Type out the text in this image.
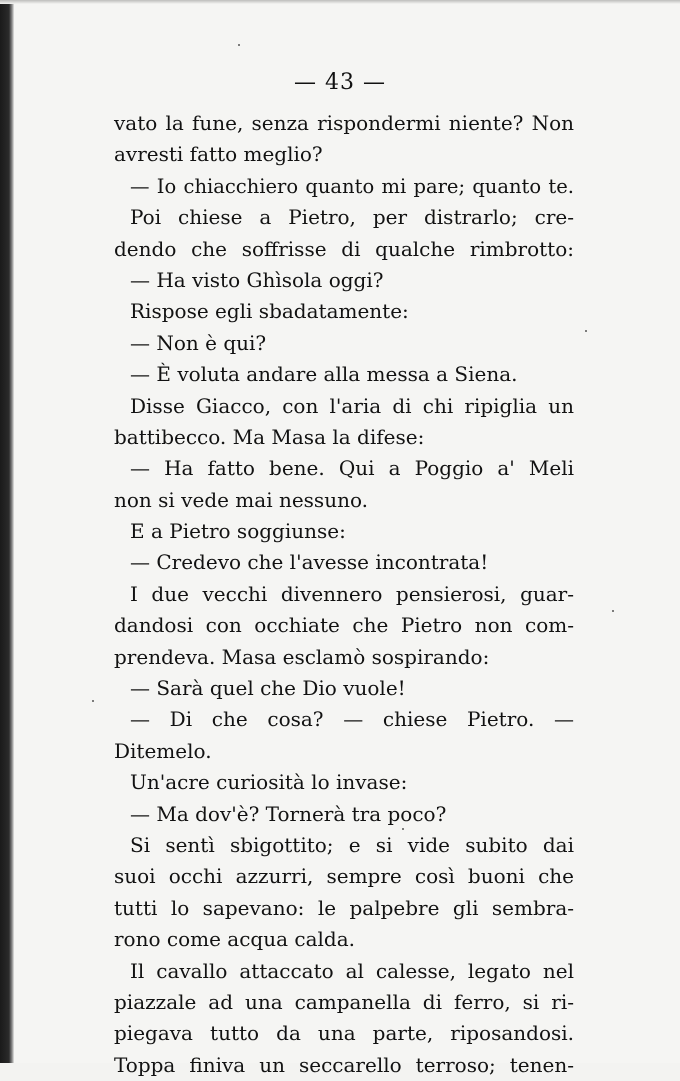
— 43 —
vato la fune, senza rispondermi niente? Non
avresti fatto meglio?
— Io chiacchiero quanto mi pare; quanto te.
Poi chiese a Pietro, per distrarlo; cre-
dendo che soffrisse di qualche rimbrotto:
— Ha visto Ghìsola oggi?
Rispose egli sbadatamente:
— Non è qui?
— È voluta andare alla messa a Siena.
Disse Giacco, con l'aria di chi ripiglia un
battibecco. Ma Masa la difese:
— Ha fatto bene. Qui a Poggio a' Meli
non si vede mai nessuno.
E a Pietro soggiunse:
— Credevo che l'avesse incontrata!
I due vecchi divennero pensierosi, guar-
dandosi con occhiate che Pietro non com-
prendeva. Masa esclamò sospirando:
— Sarà quel che Dio vuole!
— Di che cosa? — chiese Pietro. —
Ditemelo.
Un'acre curiosità lo invase:
— Ma dov'è? Tornerà tra poco?
Si sentì sbigottito; e si vide subito dai
suoi occhi azzurri, sempre così buoni che
tutti lo sapevano: le palpebre gli sembra-
rono come acqua calda.
Il cavallo attaccato al calesse, legato nel
piazzale ad una campanella di ferro, si ri-
piegava tutto da una parte, riposandosi.
Toppa finiva un seccarello terroso; tenen-
